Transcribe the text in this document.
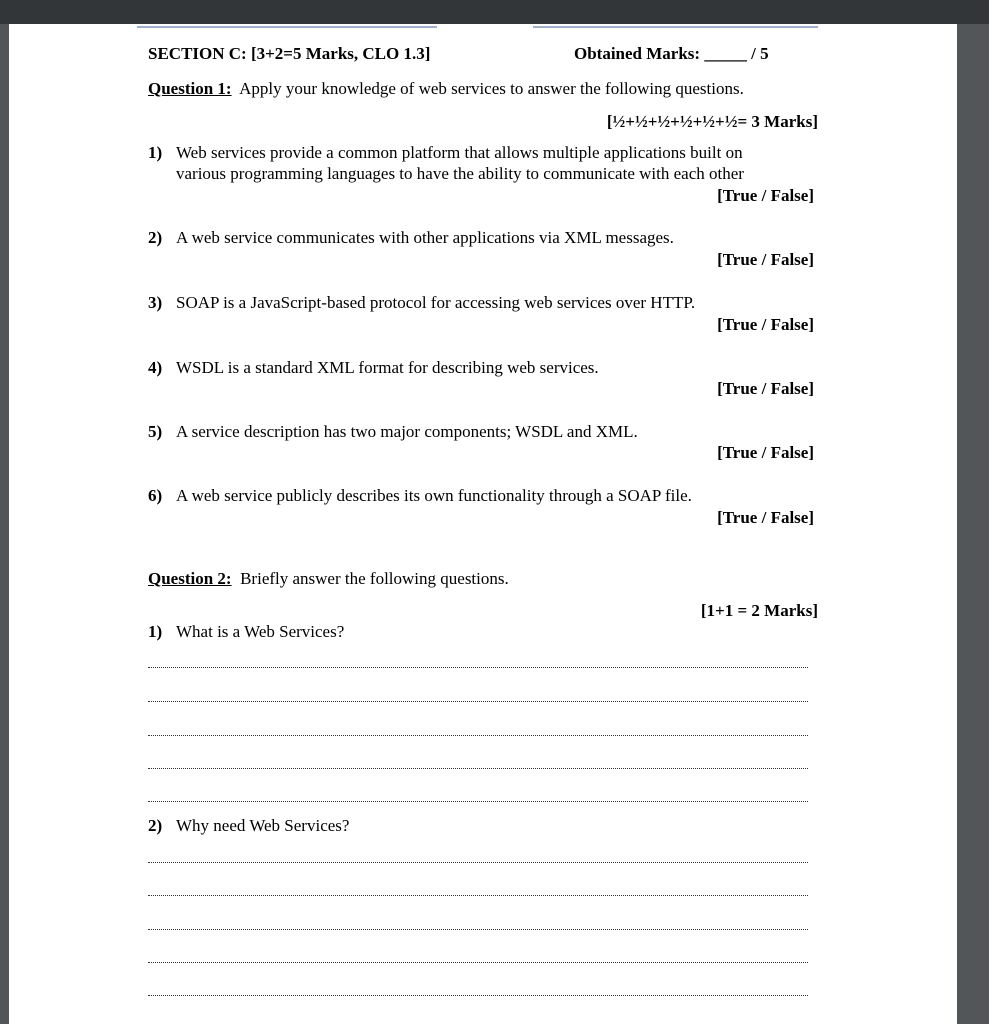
SECTION C: [3+2=5 Marks, CLO 1.3]	Obtained Marks: _____ / 5
Question 1: Apply your knowledge of web services to answer the following questions.
[½+½+½+½+½+½= 3 Marks]
1) Web services provide a common platform that allows multiple applications built on
various programming languages to have the ability to communicate with each other
[True / False]
2) A web service communicates with other applications via XML messages.
[True / False]
3) SOAP is a JavaScript-based protocol for accessing web services over HTTP.
[True / False]
4) WSDL is a standard XML format for describing web services.
[True / False]
5) A service description has two major components; WSDL and XML.
[True / False]
6) A web service publicly describes its own functionality through a SOAP file.
[True / False]
Question 2: Briefly answer the following questions.
[1+1 = 2 Marks]
1) What is a Web Services?
2) Why need Web Services?
